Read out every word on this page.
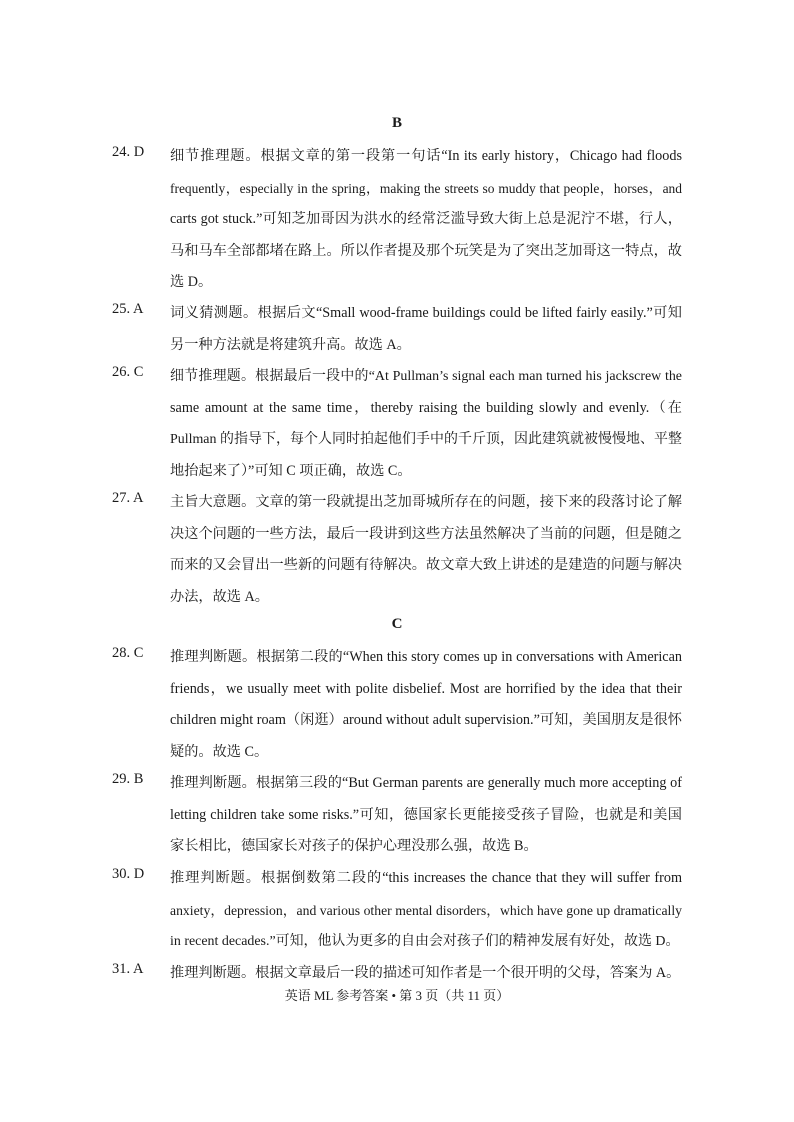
B
24. D	细节推理题。根据文章的第一段第一句话“In its early history，Chicago had floods
frequently，especially in the spring，making the streets so muddy that people，horses，and
carts got stuck.”可知芝加哥因为洪水的经常泛滥导致大街上总是泥泞不堪，行人，
马和马车全部都堵在路上。所以作者提及那个玩笑是为了突出芝加哥这一特点，故
选 D。
25. A	词义猜测题。根据后文“Small wood-frame buildings could be lifted fairly easily.”可知
另一种方法就是将建筑升高。故选 A。
26. C	细节推理题。根据最后一段中的“At Pullman’s signal each man turned his jackscrew the
same amount at the same time，thereby raising the building slowly and evenly.（在
Pullman 的指导下，每个人同时拍起他们手中的千斤顶，因此建筑就被慢慢地、平整
地抬起来了）”可知 C 项正确，故选 C。
27. A	主旨大意题。文章的第一段就提出芝加哥城所存在的问题，接下来的段落讨论了解
决这个问题的一些方法，最后一段讲到这些方法虽然解决了当前的问题，但是随之
而来的又会冒出一些新的问题有待解决。故文章大致上讲述的是建造的问题与解决
办法，故选 A。
C
28. C	推理判断题。根据第二段的“When this story comes up in conversations with American
friends，we usually meet with polite disbelief. Most are horrified by the idea that their
children might roam（闲逛）around without adult supervision.”可知，美国朋友是很怀
疑的。故选 C。
29. B	推理判断题。根据第三段的“But German parents are generally much more accepting of
letting children take some risks.”可知，德国家长更能接受孩子冒险，也就是和美国
家长相比，德国家长对孩子的保护心理没那么强，故选 B。
30. D	推理判断题。根据倒数第二段的“this increases the chance that they will suffer from
anxiety，depression，and various other mental disorders，which have gone up dramatically
in recent decades.”可知，他认为更多的自由会对孩子们的精神发展有好处，故选 D。
31. A	推理判断题。根据文章最后一段的描述可知作者是一个很开明的父母，答案为 A。
英语 ML 参考答案 • 第 3 页（共 11 页）
